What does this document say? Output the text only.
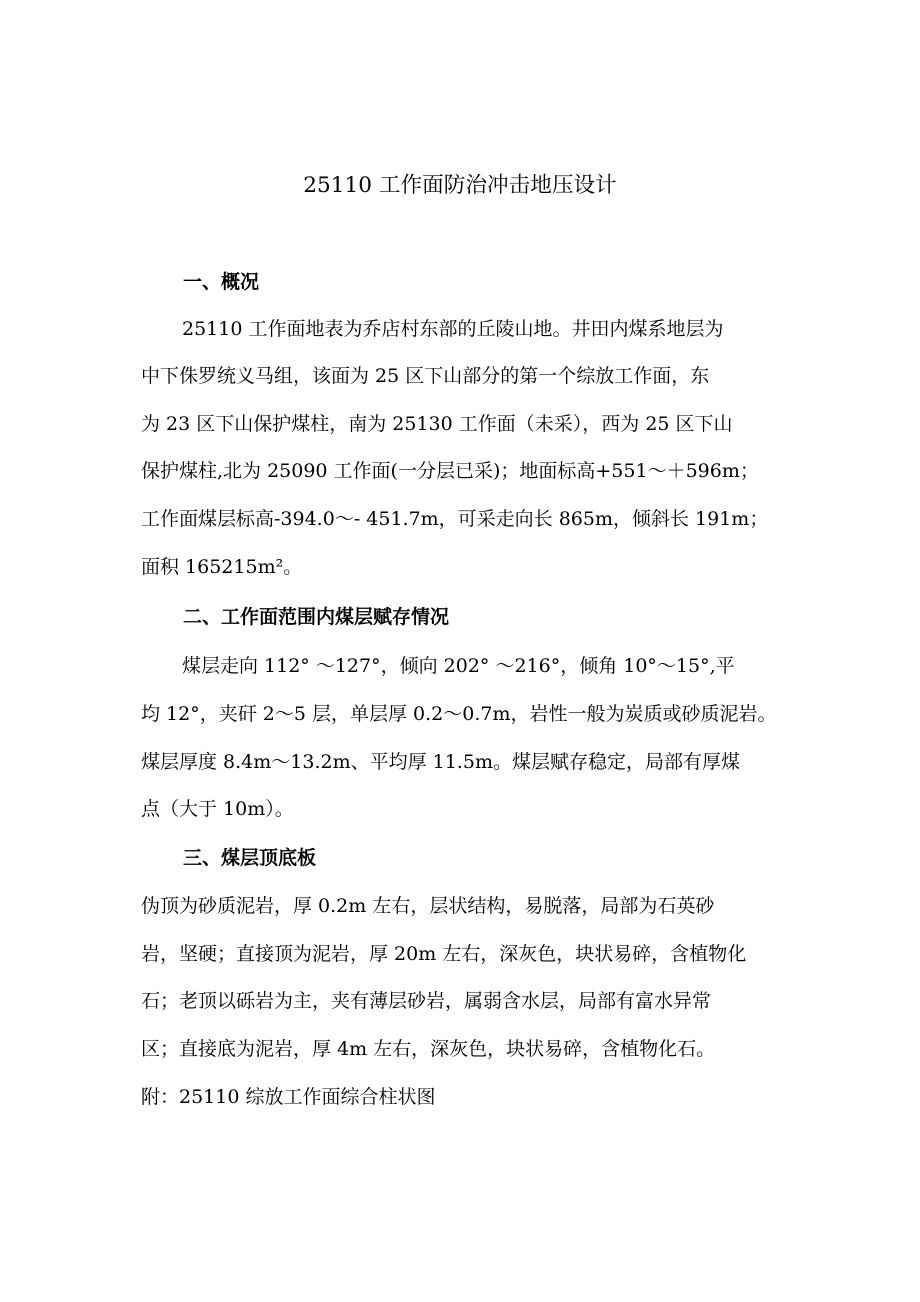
25110 工作面防治冲击地压设计
一、概况
25110 工作面地表为乔店村东部的丘陵山地。井田内煤系地层为
中下侏罗统义马组，该面为 25 区下山部分的第一个综放工作面，东
为 23 区下山保护煤柱，南为 25130 工作面（未采），西为 25 区下山
保护煤柱,北为 25090 工作面(一分层已采)；地面标高+551～＋596m；
工作面煤层标高-394.0～- 451.7m，可采走向长 865m，倾斜长 191m；
面积 165215m²。
二、工作面范围内煤层赋存情况
煤层走向 112° ～127°，倾向 202° ～216°，倾角 10°～15°,平
均 12°，夹矸 2～5 层，单层厚 0.2～0.7m，岩性一般为炭质或砂质泥岩。
煤层厚度 8.4m～13.2m、平均厚 11.5m。煤层赋存稳定，局部有厚煤
点（大于 10m）。
三、煤层顶底板
伪顶为砂质泥岩，厚 0.2m 左右，层状结构，易脱落，局部为石英砂
岩，坚硬；直接顶为泥岩，厚 20m 左右，深灰色，块状易碎，含植物化
石；老顶以砾岩为主，夹有薄层砂岩，属弱含水层，局部有富水异常
区；直接底为泥岩，厚 4m 左右，深灰色，块状易碎，含植物化石。
附：25110 综放工作面综合柱状图
